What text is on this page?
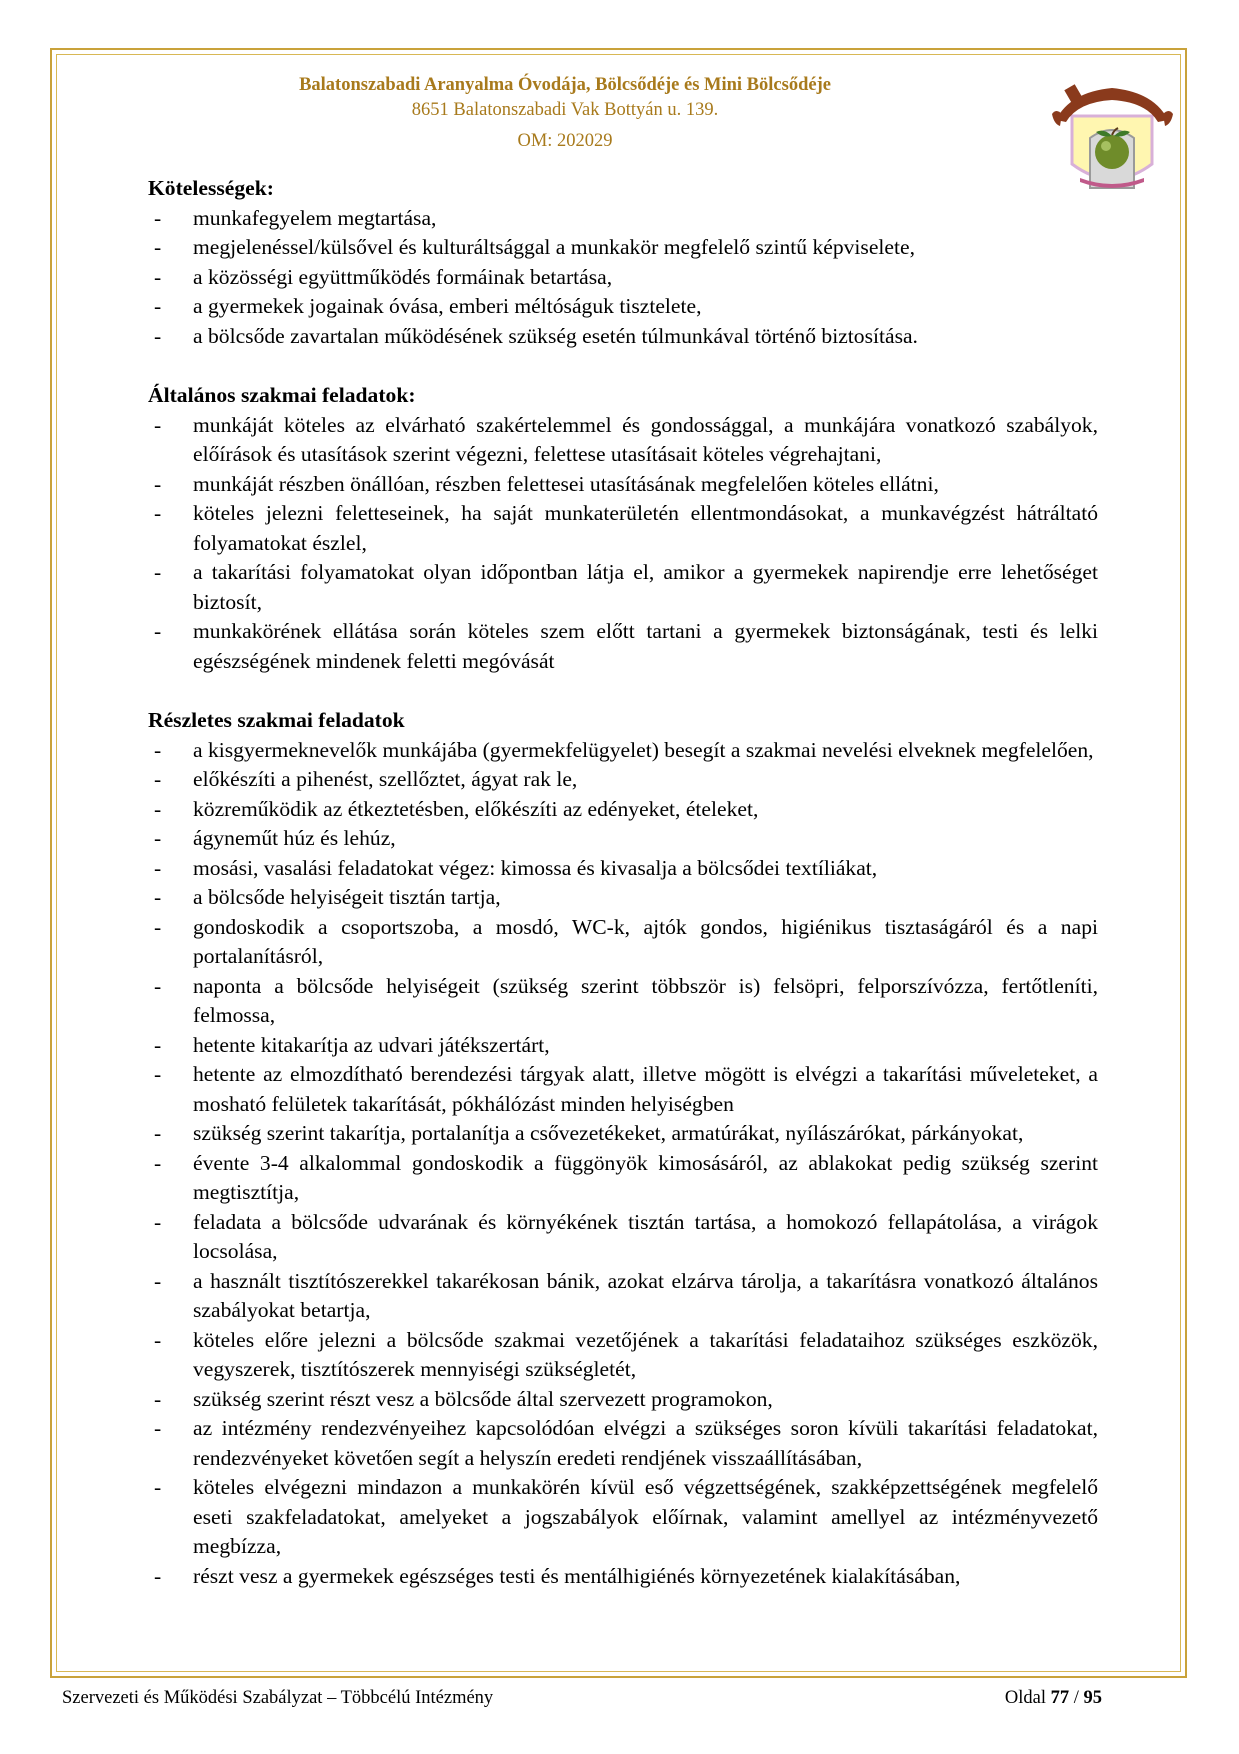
Balatonszabadi Aranyalma Óvodája, Bölcsődéje és Mini Bölcsődéje
8651 Balatonszabadi Vak Bottyán u. 139.
OM: 202029
Kötelességek:
- munkafegyelem megtartása,
- megjelenéssel/külsővel és kulturáltsággal a munkakör megfelelő szintű képviselete,
- a közösségi együttműködés formáinak betartása,
- a gyermekek jogainak óvása, emberi méltóságuk tisztelete,
- a bölcsőde zavartalan működésének szükség esetén túlmunkával történő biztosítása.
Általános szakmai feladatok:
- munkáját köteles az elvárható szakértelemmel és gondossággal, a munkájára vonatkozó szabályok, előírások és utasítások szerint végezni, felettese utasításait köteles végrehajtani,
- munkáját részben önállóan, részben felettesei utasításának megfelelően köteles ellátni,
- köteles jelezni feletteseinek, ha saját munkaterületén ellentmondásokat, a munkavégzést hátráltató folyamatokat észlel,
- a takarítási folyamatokat olyan időpontban látja el, amikor a gyermekek napirendje erre lehetőséget biztosít,
- munkakörének ellátása során köteles szem előtt tartani a gyermekek biztonságának, testi és lelki egészségének mindenek feletti megóvását
Részletes szakmai feladatok
- a kisgyermeknevelők munkájába (gyermekfelügyelet) besegít a szakmai nevelési elveknek megfelelően,
- előkészíti a pihenést, szellőztet, ágyat rak le,
- közreműködik az étkeztetésben, előkészíti az edényeket, ételeket,
- ágyneműt húz és lehúz,
- mosási, vasalási feladatokat végez: kimossa és kivasalja a bölcsődei textíliákat,
- a bölcsőde helyiségeit tisztán tartja,
- gondoskodik a csoportszoba, a mosdó, WC-k, ajtók gondos, higiénikus tisztaságáról és a napi portalanításról,
- naponta a bölcsőde helyiségeit (szükség szerint többször is) felsöpri, felporszívózza, fertőtleníti, felmossa,
- hetente kitakarítja az udvari játékszertárt,
- hetente az elmozdítható berendezési tárgyak alatt, illetve mögött is elvégzi a takarítási műveleteket, a mosható felületek takarítását, pókhálózást minden helyiségben
- szükség szerint takarítja, portalanítja a csővezetékeket, armatúrákat, nyílászárókat, párkányokat,
- évente 3-4 alkalommal gondoskodik a függönyök kimosásáról, az ablakokat pedig szükség szerint megtisztítja,
- feladata a bölcsőde udvarának és környékének tisztán tartása, a homokozó fellapátolása, a virágok locsolása,
- a használt tisztítószerekkel takarékosan bánik, azokat elzárva tárolja, a takarításra vonatkozó általános szabályokat betartja,
- köteles előre jelezni a bölcsőde szakmai vezetőjének a takarítási feladataihoz szükséges eszközök, vegyszerek, tisztítószerek mennyiségi szükségletét,
- szükség szerint részt vesz a bölcsőde által szervezett programokon,
- az intézmény rendezvényeihez kapcsolódóan elvégzi a szükséges soron kívüli takarítási feladatokat, rendezvényeket követően segít a helyszín eredeti rendjének visszaállításában,
- köteles elvégezni mindazon a munkakörén kívül eső végzettségének, szakképzettségének megfelelő eseti szakfeladatokat, amelyeket a jogszabályok előírnak, valamint amellyel az intézményvezető megbízza,
- részt vesz a gyermekek egészséges testi és mentálhigiénés környezetének kialakításában,
Szervezeti és Működési Szabályzat – Többcélú Intézmény	Oldal 77 / 95
